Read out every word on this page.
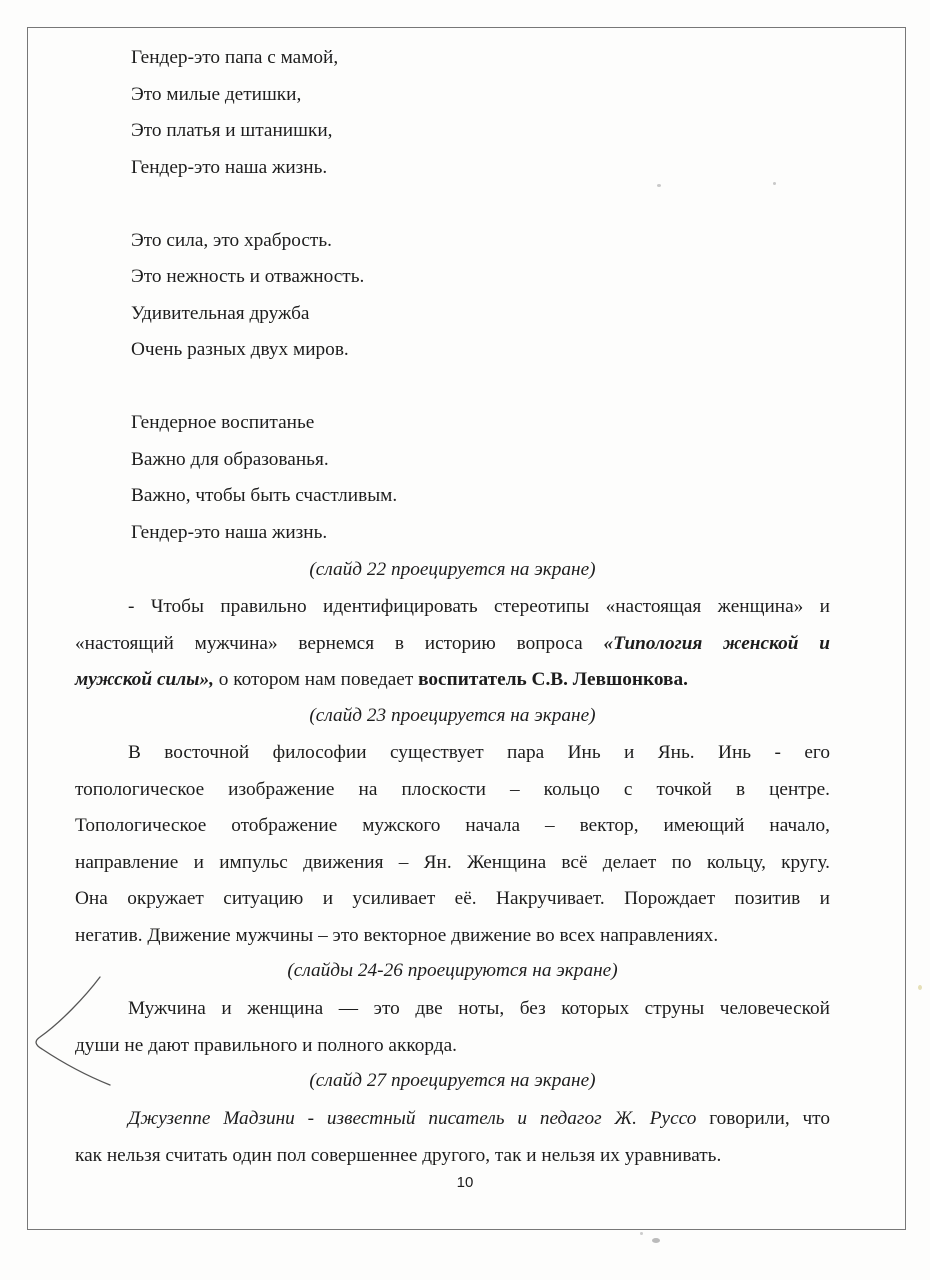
Гендер-это папа с мамой,
Это милые детишки,
Это платья и штанишки,
Гендер-это наша жизнь.
Это сила, это храбрость.
Это нежность и отважность.
Удивительная дружба
Очень разных двух миров.
Гендерное воспитанье
Важно для образованья.
Важно, чтобы быть счастливым.
Гендер-это наша жизнь.
(слайд 22 проецируется на экране)
- Чтобы правильно идентифицировать стереотипы «настоящая женщина» и
«настоящий мужчина» вернемся в историю вопроса «Типология женской и
мужской силы», о котором нам поведает воспитатель С.В. Левшонкова.
(слайд 23 проецируется на экране)
В восточной философии существует пара Инь и Янь. Инь - его
топологическое изображение на плоскости – кольцо с точкой в центре.
Топологическое отображение мужского начала – вектор, имеющий начало,
направление и импульс движения – Ян. Женщина всё делает по кольцу, кругу.
Она окружает ситуацию и усиливает её. Накручивает. Порождает позитив и
негатив. Движение мужчины – это векторное движение во всех направлениях.
(слайды 24-26 проецируются на экране)
Мужчина и женщина — это две ноты, без которых струны человеческой
души не дают правильного и полного аккорда.
(слайд 27 проецируется на экране)
Джузеппе Мадзини - известный писатель и педагог Ж. Руссо говорили, что
как нельзя считать один пол совершеннее другого, так и нельзя их уравнивать.
10
